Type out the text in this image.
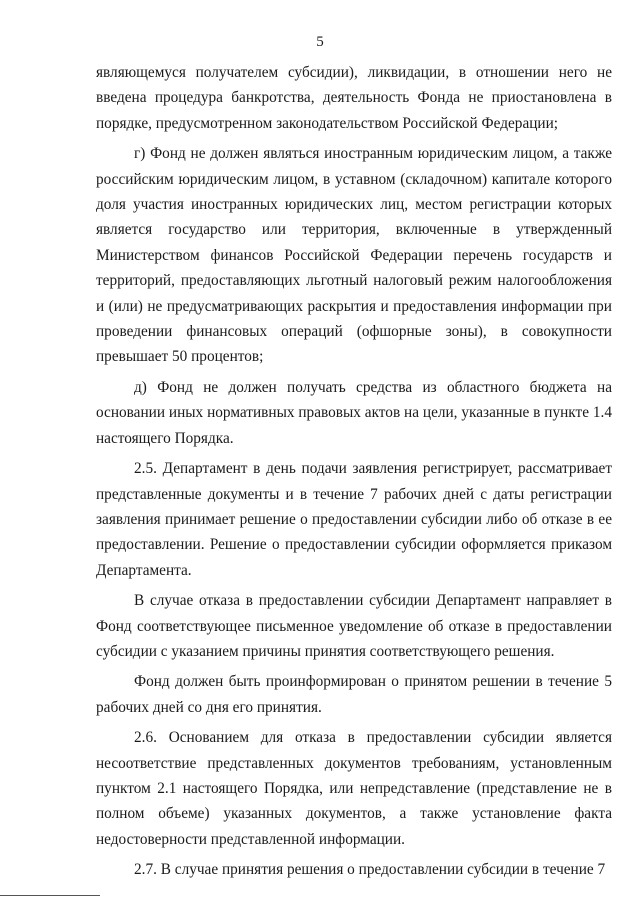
5

являющемуся получателем субсидии), ликвидации, в отношении него не введена процедура банкротства, деятельность Фонда не приостановлена в порядке, предусмотренном законодательством Российской Федерации;

г) Фонд не должен являться иностранным юридическим лицом, а также российским юридическим лицом, в уставном (складочном) капитале которого доля участия иностранных юридических лиц, местом регистрации которых является государство или территория, включенные в утвержденный Министерством финансов Российской Федерации перечень государств и территорий, предоставляющих льготный налоговый режим налогообложения и (или) не предусматривающих раскрытия и предоставления информации при проведении финансовых операций (офшорные зоны), в совокупности превышает 50 процентов;

д) Фонд не должен получать средства из областного бюджета на основании иных нормативных правовых актов на цели, указанные в пункте 1.4 настоящего Порядка.

2.5. Департамент в день подачи заявления регистрирует, рассматривает представленные документы и в течение 7 рабочих дней с даты регистрации заявления принимает решение о предоставлении субсидии либо об отказе в ее предоставлении. Решение о предоставлении субсидии оформляется приказом Департамента.

В случае отказа в предоставлении субсидии Департамент направляет в Фонд соответствующее письменное уведомление об отказе в предоставлении субсидии с указанием причины принятия соответствующего решения.

Фонд должен быть проинформирован о принятом решении в течение 5 рабочих дней со дня его принятия.

2.6. Основанием для отказа в предоставлении субсидии является несоответствие представленных документов требованиям, установленным пунктом 2.1 настоящего Порядка, или непредставление (представление не в полном объеме) указанных документов, а также установление факта недостоверности представленной информации.

2.7. В случае принятия решения о предоставлении субсидии в течение 7
